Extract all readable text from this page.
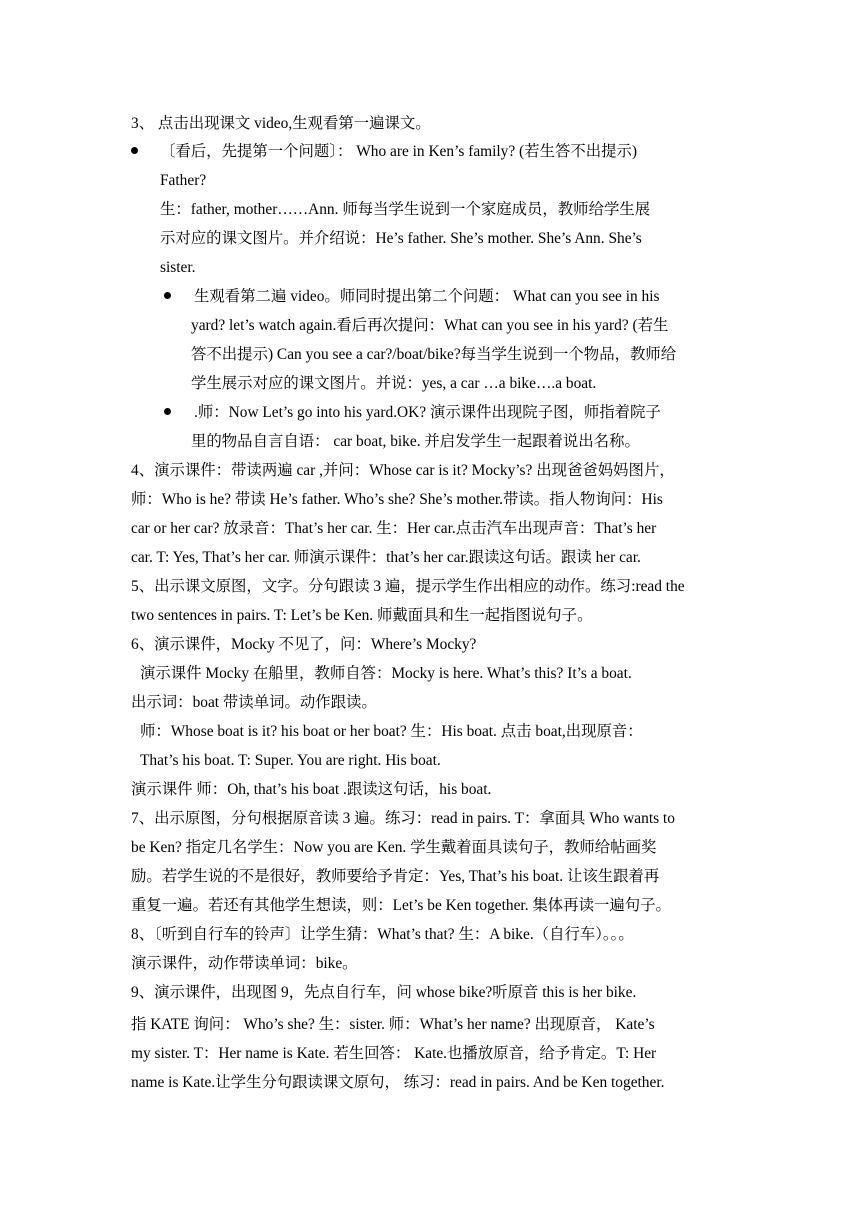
3、 点击出现课文 video,生观看第一遍课文。
〔看后，先提第一个问题〕： Who are in Ken’s family? (若生答不出提示)
Father?
生：father, mother……Ann. 师每当学生说到一个家庭成员，教师给学生展
示对应的课文图片。并介绍说：He’s father. She’s mother. She’s Ann. She’s
sister.
生观看第二遍 video。师同时提出第二个问题： What can you see in his
yard? let’s watch again.看后再次提问：What can you see in his yard? (若生
答不出提示) Can you see a car?/boat/bike?每当学生说到一个物品，教师给
学生展示对应的课文图片。并说：yes, a car …a bike….a boat.
.师：Now Let’s go into his yard.OK? 演示课件出现院子图，师指着院子
里的物品自言自语： car boat, bike. 并启发学生一起跟着说出名称。
4、演示课件：带读两遍 car ,并问：Whose car is it? Mocky’s? 出现爸爸妈妈图片，
师：Who is he? 带读 He’s father. Who’s she? She’s mother.带读。指人物询问：His
car or her car? 放录音：That’s her car. 生：Her car.点击汽车出现声音：That’s her
car. T: Yes, That’s her car. 师演示课件：that’s her car.跟读这句话。跟读 her car.
5、出示课文原图，文字。分句跟读 3 遍，提示学生作出相应的动作。练习:read the
two sentences in pairs. T: Let’s be Ken. 师戴面具和生一起指图说句子。
6、演示课件，Mocky 不见了，问：Where’s Mocky?
演示课件 Mocky 在船里，教师自答：Mocky is here. What’s this? It’s a boat.
出示词：boat 带读单词。动作跟读。
师：Whose boat is it? his boat or her boat? 生：His boat. 点击 boat,出现原音：
That’s his boat. T: Super. You are right. His boat.
演示课件 师：Oh, that’s his boat .跟读这句话，his boat.
7、出示原图，分句根据原音读 3 遍。练习：read in pairs. T：拿面具 Who wants to
be Ken? 指定几名学生：Now you are Ken. 学生戴着面具读句子，教师给帖画奖
励。若学生说的不是很好，教师要给予肯定：Yes, That’s his boat. 让该生跟着再
重复一遍。若还有其他学生想读，则：Let’s be Ken together. 集体再读一遍句子。
8、〔听到自行车的铃声〕让学生猜：What’s that? 生：A bike.（自行车）。。。
演示课件，动作带读单词：bike。
9、演示课件，出现图 9，先点自行车，问 whose bike?听原音 this is her bike.
指 KATE 询问： Who’s she? 生：sister. 师：What’s her name? 出现原音， Kate’s
my sister. T：Her name is Kate. 若生回答： Kate.也播放原音，给予肯定。T: Her
name is Kate.让学生分句跟读课文原句， 练习：read in pairs. And be Ken together.
